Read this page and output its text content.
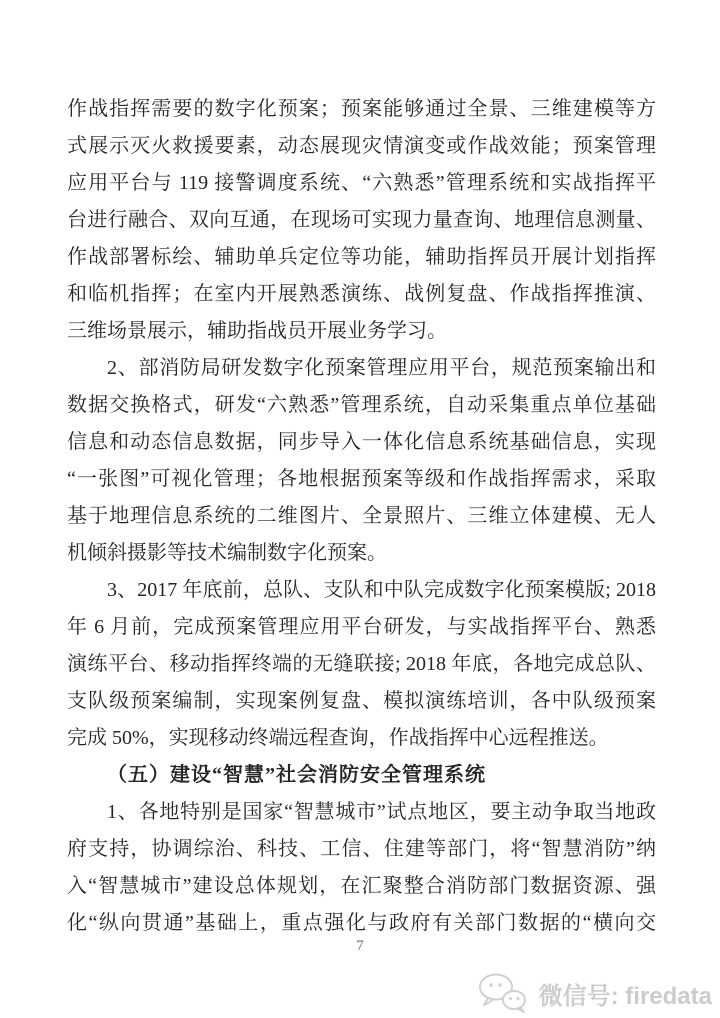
作战指挥需要的数字化预案；预案能够通过全景、三维建模等方
式展示灭火救援要素，动态展现灾情演变或作战效能；预案管理
应用平台与 119 接警调度系统、“六熟悉”管理系统和实战指挥平
台进行融合、双向互通，在现场可实现力量查询、地理信息测量、
作战部署标绘、辅助单兵定位等功能，辅助指挥员开展计划指挥
和临机指挥；在室内开展熟悉演练、战例复盘、作战指挥推演、
三维场景展示，辅助指战员开展业务学习。
2、部消防局研发数字化预案管理应用平台，规范预案输出和
数据交换格式，研发“六熟悉”管理系统，自动采集重点单位基础
信息和动态信息数据，同步导入一体化信息系统基础信息，实现
“一张图”可视化管理；各地根据预案等级和作战指挥需求，采取
基于地理信息系统的二维图片、全景照片、三维立体建模、无人
机倾斜摄影等技术编制数字化预案。
3、2017 年底前，总队、支队和中队完成数字化预案模版; 2018
年 6 月前，完成预案管理应用平台研发，与实战指挥平台、熟悉
演练平台、移动指挥终端的无缝联接; 2018 年底，各地完成总队、
支队级预案编制，实现案例复盘、模拟演练培训，各中队级预案
完成 50%，实现移动终端远程查询，作战指挥中心远程推送。
（五）建设“智慧”社会消防安全管理系统
1、各地特别是国家“智慧城市”试点地区，要主动争取当地政
府支持，协调综治、科技、工信、住建等部门，将“智慧消防”纳
入“智慧城市”建设总体规划，在汇聚整合消防部门数据资源、强
化“纵向贯通”基础上，重点强化与政府有关部门数据的“横向交
7
微信号: firedata
